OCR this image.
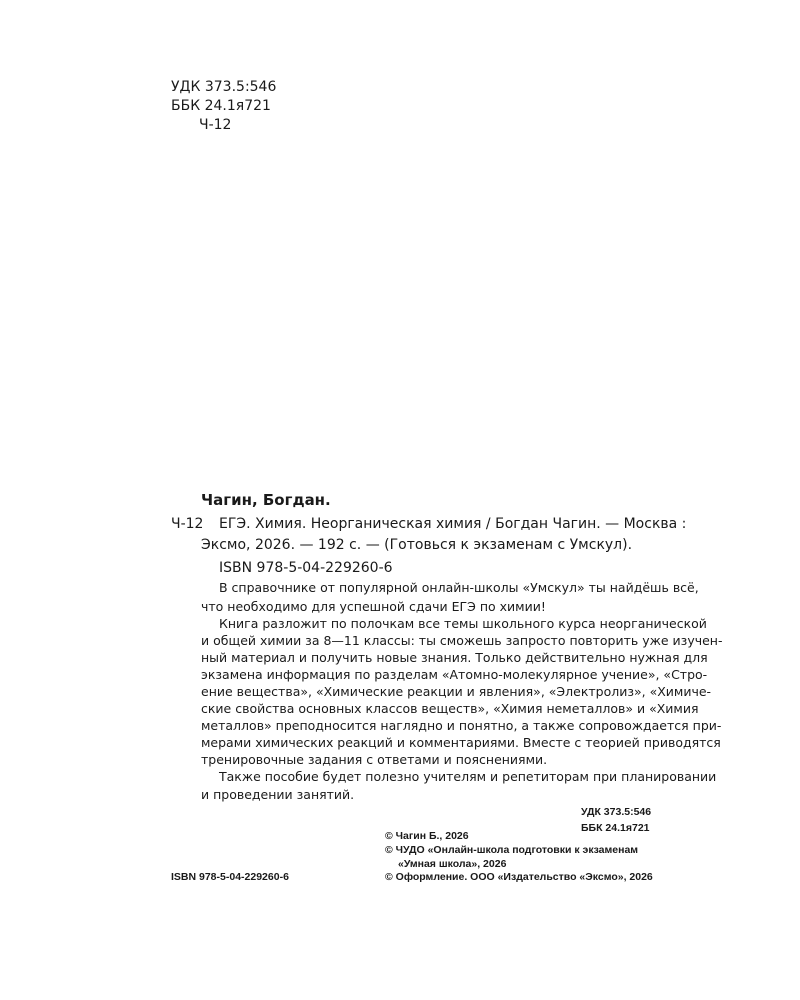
УДК 373.5:546
ББК 24.1я721
Ч-12
Чагин, Богдан.
Ч-12 ЕГЭ. Химия. Неорганическая химия / Богдан Чагин. — Москва :
Эксмо, 2026. — 192 с. — (Готовься к экзаменам с Умскул).
ISBN 978-5-04-229260-6
В справочнике от популярной онлайн-школы «Умскул» ты найдёшь всё,
что необходимо для успешной сдачи ЕГЭ по химии!
Книга разложит по полочкам все темы школьного курса неорганической
и общей химии за 8—11 классы: ты сможешь запросто повторить уже изучен-
ный материал и получить новые знания. Только действительно нужная для
экзамена информация по разделам «Атомно-молекулярное учение», «Стро-
ение вещества», «Химические реакции и явления», «Электролиз», «Химиче-
ские свойства основных классов веществ», «Химия неметаллов» и «Химия
металлов» преподносится наглядно и понятно, а также сопровождается при-
мерами химических реакций и комментариями. Вместе с теорией приводятся
тренировочные задания с ответами и пояснениями.
Также пособие будет полезно учителям и репетиторам при планировании
и проведении занятий.
УДК 373.5:546
ББК 24.1я721
© Чагин Б., 2026
© ЧУДО «Онлайн-школа подготовки к экзаменам
«Умная школа», 2026
© Оформление. ООО «Издательство «Эксмо», 2026
ISBN 978-5-04-229260-6
